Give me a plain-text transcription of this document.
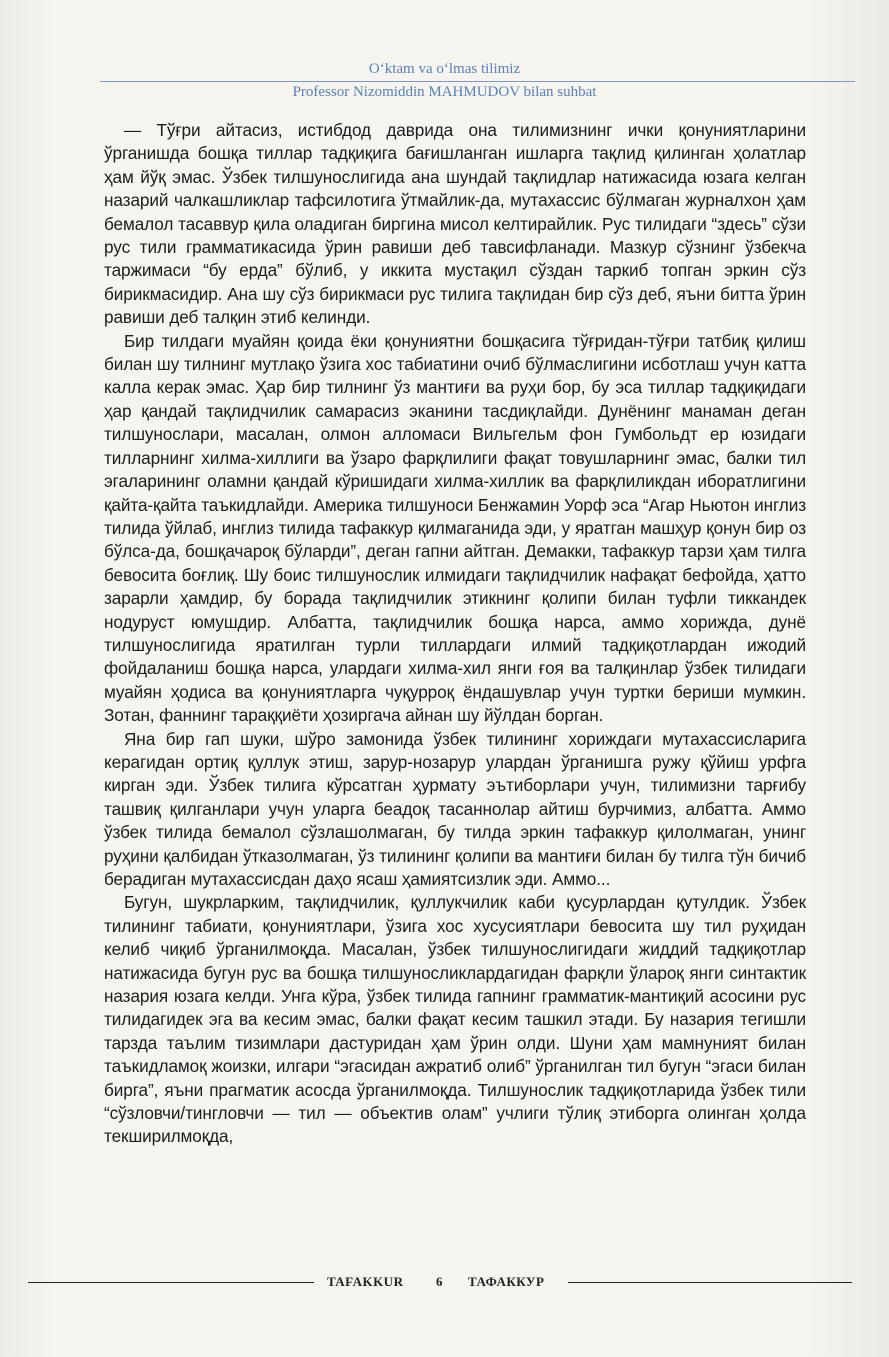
O‘ktam va o‘lmas tilimiz
Professor Nizomiddin MAHMUDOV bilan suhbat

— Тўғри айтасиз, истибдод даврида она тилимизнинг ички қонуниятларини ўрганишда бошқа тиллар тадқиқига бағишланган ишларга тақлид қилинган ҳолатлар ҳам йўқ эмас. Ўзбек тилшунослигида ана шундай тақлидлар натижасида юзага келган назарий чалкашликлар тафсилотига ўтмайлик-да, мутахассис бўлмаган журналхон ҳам бемалол тасаввур қила оладиган биргина мисол келтирайлик. Рус тилидаги “здесь” сўзи рус тили грамматикасида ўрин равиши деб тавсифланади. Мазкур сўзнинг ўзбекча таржимаси “бу ерда” бўлиб, у иккита мустақил сўздан таркиб топган эркин сўз бирикмасидир. Ана шу сўз бирикмаси рус тилига тақлидан бир сўз деб, яъни битта ўрин равиши деб талқин этиб келинди.

Бир тилдаги муайян қоида ёки қонуниятни бошқасига тўғридан-тўғри татбиқ қилиш билан шу тилнинг мутлақо ўзига хос табиатини очиб бўлмаслигини исботлаш учун катта калла керак эмас. Ҳар бир тилнинг ўз мантиғи ва руҳи бор, бу эса тиллар тадқиқидаги ҳар қандай тақлидчилик самарасиз эканини тасдиқлайди. Дунёнинг манаман деган тилшунослари, масалан, олмон алломаси Вильгельм фон Гумбольдт ер юзидаги тилларнинг хилма-хиллиги ва ўзаро фарқлилиги фақат товушларнинг эмас, балки тил эгаларининг оламни қандай кўришидаги хилма-хиллик ва фарқлиликдан иборатлигини қайта-қайта таъкидлайди. Америка тилшуноси Бенжамин Уорф эса “Агар Ньютон инглиз тилида ўйлаб, инглиз тилида тафаккур қилмаганида эди, у яратган машҳур қонун бир оз бўлса-да, бошқачароқ бўларди”, деган гапни айтган. Демакки, тафаккур тарзи ҳам тилга бевосита боғлиқ. Шу боис тилшунослик илмидаги тақлидчилик нафақат бефойда, ҳатто зарарли ҳамдир, бу борада тақлидчилик этикнинг қолипи билан туфли тиккандек нодуруст юмушдир. Албатта, тақлидчилик бошқа нарса, аммо хорижда, дунё тилшунослигида яратилган турли тиллардаги илмий тадқиқотлардан ижодий фойдаланиш бошқа нарса, улардаги хилма-хил янги ғоя ва талқинлар ўзбек тилидаги муайян ҳодиса ва қонуниятларга чуқурроқ ёндашувлар учун туртки бериши мумкин. Зотан, фаннинг тараққиёти ҳозиргача айнан шу йўлдан борган.

Яна бир гап шуки, шўро замонида ўзбек тилининг хориждаги мутахассисларига керагидан ортиқ қуллук этиш, зарур-нозарур улардан ўрганишга ружу қўйиш урфга кирган эди. Ўзбек тилига кўрсатган ҳурмату эътиборлари учун, тилимизни тарғибу ташвиқ қилганлари учун уларга беадоқ тасаннолар айтиш бурчимиз, албатта. Аммо ўзбек тилида бемалол сўзлашолмаган, бу тилда эркин тафаккур қилолмаган, унинг руҳини қалбидан ўтказолмаган, ўз тилининг қолипи ва мантиғи билан бу тилга тўн бичиб берадиган мутахассисдан даҳо ясаш ҳамиятсизлик эди. Аммо...

Бугун, шукрларким, тақлидчилик, қуллукчилик каби қусурлардан қутулдик. Ўзбек тилининг табиати, қонуниятлари, ўзига хос хусусиятлари бевосита шу тил руҳидан келиб чиқиб ўрганилмоқда. Масалан, ўзбек тилшунослигидаги жиддий тадқиқотлар натижасида бугун рус ва бошқа тилшуносликлардагидан фарқли ўлароқ янги синтактик назария юзага келди. Унга кўра, ўзбек тилида гапнинг грамматик-мантиқий асосини рус тилидагидек эга ва кесим эмас, балки фақат кесим ташкил этади. Бу назария тегишли тарзда таълим тизимлари дастуридан ҳам ўрин олди. Шуни ҳам мамнуният билан таъкидламоқ жоизки, илгари “эгасидан ажратиб олиб” ўрганилган тил бугун “эгаси билан бирга”, яъни прагматик асосда ўрганилмоқда. Тилшунослик тадқиқотларида ўзбек тили “сўзловчи/тингловчи — тил — объектив олам” учлиги тўлиқ этиборга олинган ҳолда текширилмоқда,

TAFAKKUR	6 ТАФАККУР
